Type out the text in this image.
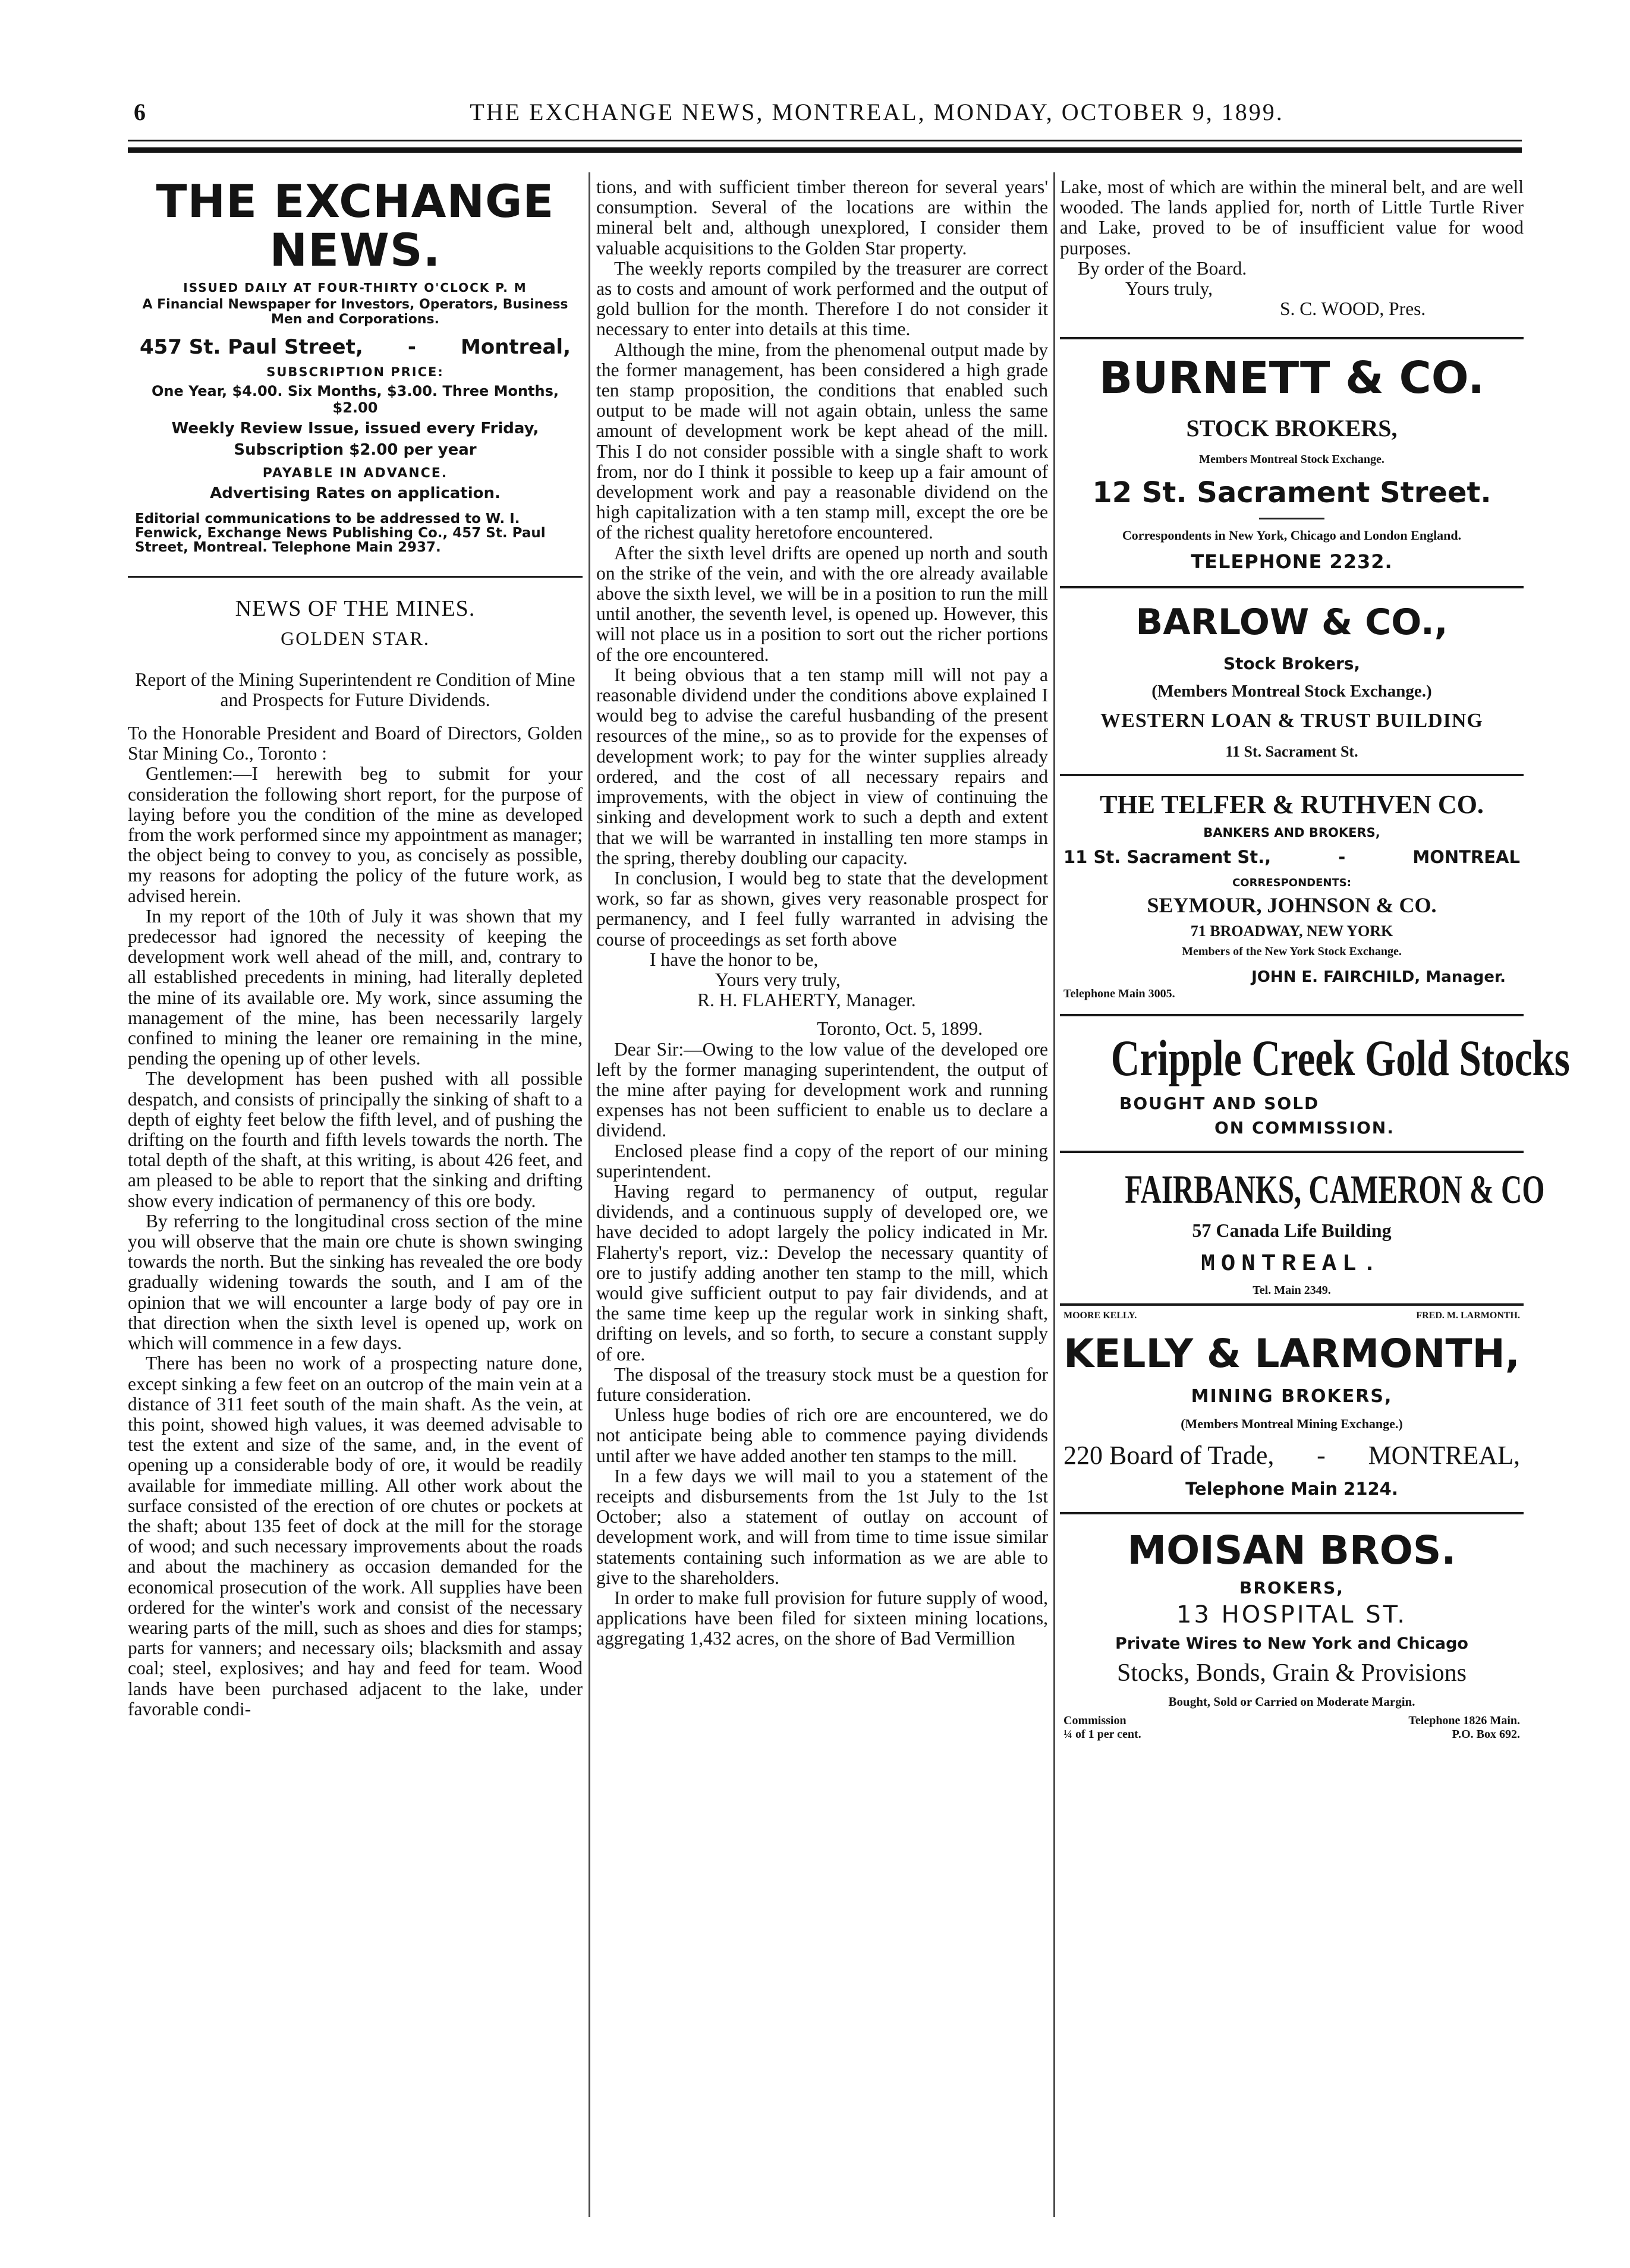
6	THE EXCHANGE NEWS, MONTREAL, MONDAY, OCTOBER 9, 1899.
THE EXCHANGE NEWS.
ISSUED DAILY AT FOUR-THIRTY O'CLOCK P. M
A Financial Newspaper for Investors, Operators, Business Men and Corporations.
457 St. Paul Street, - Montreal,
SUBSCRIPTION PRICE:
One Year, $4.00. Six Months, $3.00. Three Months, $2.00
Weekly Review Issue, issued every Friday,
Subscription $2.00 per year
PAYABLE IN ADVANCE.
Advertising Rates on application.
Editorial communications to be addressed to W. I. Fenwick, Exchange News Publishing Co., 457 St. Paul Street, Montreal. Telephone Main 2937.
NEWS OF THE MINES.
GOLDEN STAR.
Report of the Mining Superintendent re Condition of Mine and Prospects for Future Dividends.

To the Honorable President and Board of Directors, Golden Star Mining Co., Toronto :

Gentlemen:—I herewith beg to submit for your consideration the following short report, for the purpose of laying before you the condition of the mine as developed from the work performed since my appointment as manager; the object being to convey to you, as concisely as possible, my reasons for adopting the policy of the future work, as advised herein.

In my report of the 10th of July it was shown that my predecessor had ignored the necessity of keeping the development work well ahead of the mill, and, contrary to all established precedents in mining, had literally depleted the mine of its available ore. My work, since assuming the management of the mine, has been necessarily largely confined to mining the leaner ore remaining in the mine, pending the opening up of other levels.

The development has been pushed with all possible despatch, and consists of principally the sinking of shaft to a depth of eighty feet below the fifth level, and of pushing the drifting on the fourth and fifth levels towards the north. The total depth of the shaft, at this writing, is about 426 feet, and am pleased to be able to report that the sinking and drifting show every indication of permanency of this ore body.

By referring to the longitudinal cross section of the mine you will observe that the main ore chute is shown swinging towards the north. But the sinking has revealed the ore body gradually widening towards the south, and I am of the opinion that we will encounter a large body of pay ore in that direction when the sixth level is opened up, work on which will commence in a few days.

There has been no work of a prospecting nature done, except sinking a few feet on an outcrop of the main vein at a distance of 311 feet south of the main shaft. As the vein, at this point, showed high values, it was deemed advisable to test the extent and size of the same, and, in the event of opening up a considerable body of ore, it would be readily available for immediate milling. All other work about the surface consisted of the erection of ore chutes or pockets at the shaft; about 135 feet of dock at the mill for the storage of wood; and such necessary improvements about the roads and about the machinery as occasion demanded for the economical prosecution of the work. All supplies have been ordered for the winter's work and consist of the necessary wearing parts of the mill, such as shoes and dies for stamps; parts for vanners; and necessary oils; blacksmith and assay coal; steel, explosives; and hay and feed for team. Wood lands have been purchased adjacent to the lake, under favorable condi-

tions, and with sufficient timber thereon for several years' consumption. Several of the locations are within the mineral belt and, although unexplored, I consider them valuable acquisitions to the Golden Star property.

The weekly reports compiled by the treasurer are correct as to costs and amount of work performed and the output of gold bullion for the month. Therefore I do not consider it necessary to enter into details at this time.

Although the mine, from the phenomenal output made by the former management, has been considered a high grade ten stamp proposition, the conditions that enabled such output to be made will not again obtain, unless the same amount of development work be kept ahead of the mill. This I do not consider possible with a single shaft to work from, nor do I think it possible to keep up a fair amount of development work and pay a reasonable dividend on the high capitalization with a ten stamp mill, except the ore be of the richest quality heretofore encountered.

After the sixth level drifts are opened up north and south on the strike of the vein, and with the ore already available above the sixth level, we will be in a position to run the mill until another, the seventh level, is opened up. However, this will not place us in a position to sort out the richer portions of the ore encountered.

It being obvious that a ten stamp mill will not pay a reasonable dividend under the conditions above explained I would beg to advise the careful husbanding of the present resources of the mine,, so as to provide for the expenses of development work; to pay for the winter supplies already ordered, and the cost of all necessary repairs and improvements, with the object in view of continuing the sinking and development work to such a depth and extent that we will be warranted in installing ten more stamps in the spring, thereby doubling our capacity.

In conclusion, I would beg to state that the development work, so far as shown, gives very reasonable prospect for permanency, and I feel fully warranted in advising the course of proceedings as set forth above

I have the honor to be,

Yours very truly,

R. H. FLAHERTY, Manager.

Toronto, Oct. 5, 1899.

Dear Sir:—Owing to the low value of the developed ore left by the former managing superintendent, the output of the mine after paying for development work and running expenses has not been sufficient to enable us to declare a dividend.

Enclosed please find a copy of the report of our mining superintendent.

Having regard to permanency of output, regular dividends, and a continuous supply of developed ore, we have decided to adopt largely the policy indicated in Mr. Flaherty's report, viz.: Develop the necessary quantity of ore to justify adding another ten stamp to the mill, which would give sufficient output to pay fair dividends, and at the same time keep up the regular work in sinking shaft, drifting on levels, and so forth, to secure a constant supply of ore.

The disposal of the treasury stock must be a question for future consideration.

Unless huge bodies of rich ore are encountered, we do not anticipate being able to commence paying dividends until after we have added another ten stamps to the mill.

In a few days we will mail to you a statement of the receipts and disbursements from the 1st July to the 1st October; also a statement of outlay on account of development work, and will from time to time issue similar statements containing such information as we are able to give to the shareholders.

In order to make full provision for future supply of wood, applications have been filed for sixteen mining locations, aggregating 1,432 acres, on the shore of Bad Vermillion

Lake, most of which are within the mineral belt, and are well wooded. The lands applied for, north of Little Turtle River and Lake, proved to be of insufficient value for wood purposes.

By order of the Board.

Yours truly,

S. C. WOOD, Pres.

BURNETT & CO.
STOCK BROKERS,
Members Montreal Stock Exchange.
12 St. Sacrament Street.
Correspondents in New York, Chicago and London England.
TELEPHONE 2232.
BARLOW & CO.,
Stock Brokers,
(Members Montreal Stock Exchange.)
WESTERN LOAN & TRUST BUILDING
11 St. Sacrament St.
THE TELFER & RUTHVEN CO.
BANKERS AND BROKERS,
11 St. Sacrament St.,	-	MONTREAL
CORRESPONDENTS:
SEYMOUR, JOHNSON & CO.
71 BROADWAY, NEW YORK
Members of the New York Stock Exchange.
JOHN E. FAIRCHILD, Manager.
Telephone Main 3005.
Cripple Creek Gold Stocks
BOUGHT AND SOLD
ON COMMISSION.
FAIRBANKS, CAMERON & CO
57 Canada Life Building
MONTREAL.
Tel. Main 2349.
MOORE KELLY.	FRED. M. LARMONTH.
KELLY & LARMONTH,
MINING BROKERS,
(Members Montreal Mining Exchange.)
220 Board of Trade, - MONTREAL,
Telephone Main 2124.
MOISAN BROS.
BROKERS,
13 HOSPITAL ST.
Private Wires to New York and Chicago
Stocks, Bonds, Grain & Provisions
Bought, Sold or Carried on Moderate Margin.
Commission
¼ of 1 per cent.
Telephone 1826 Main.
P.O. Box 692.
